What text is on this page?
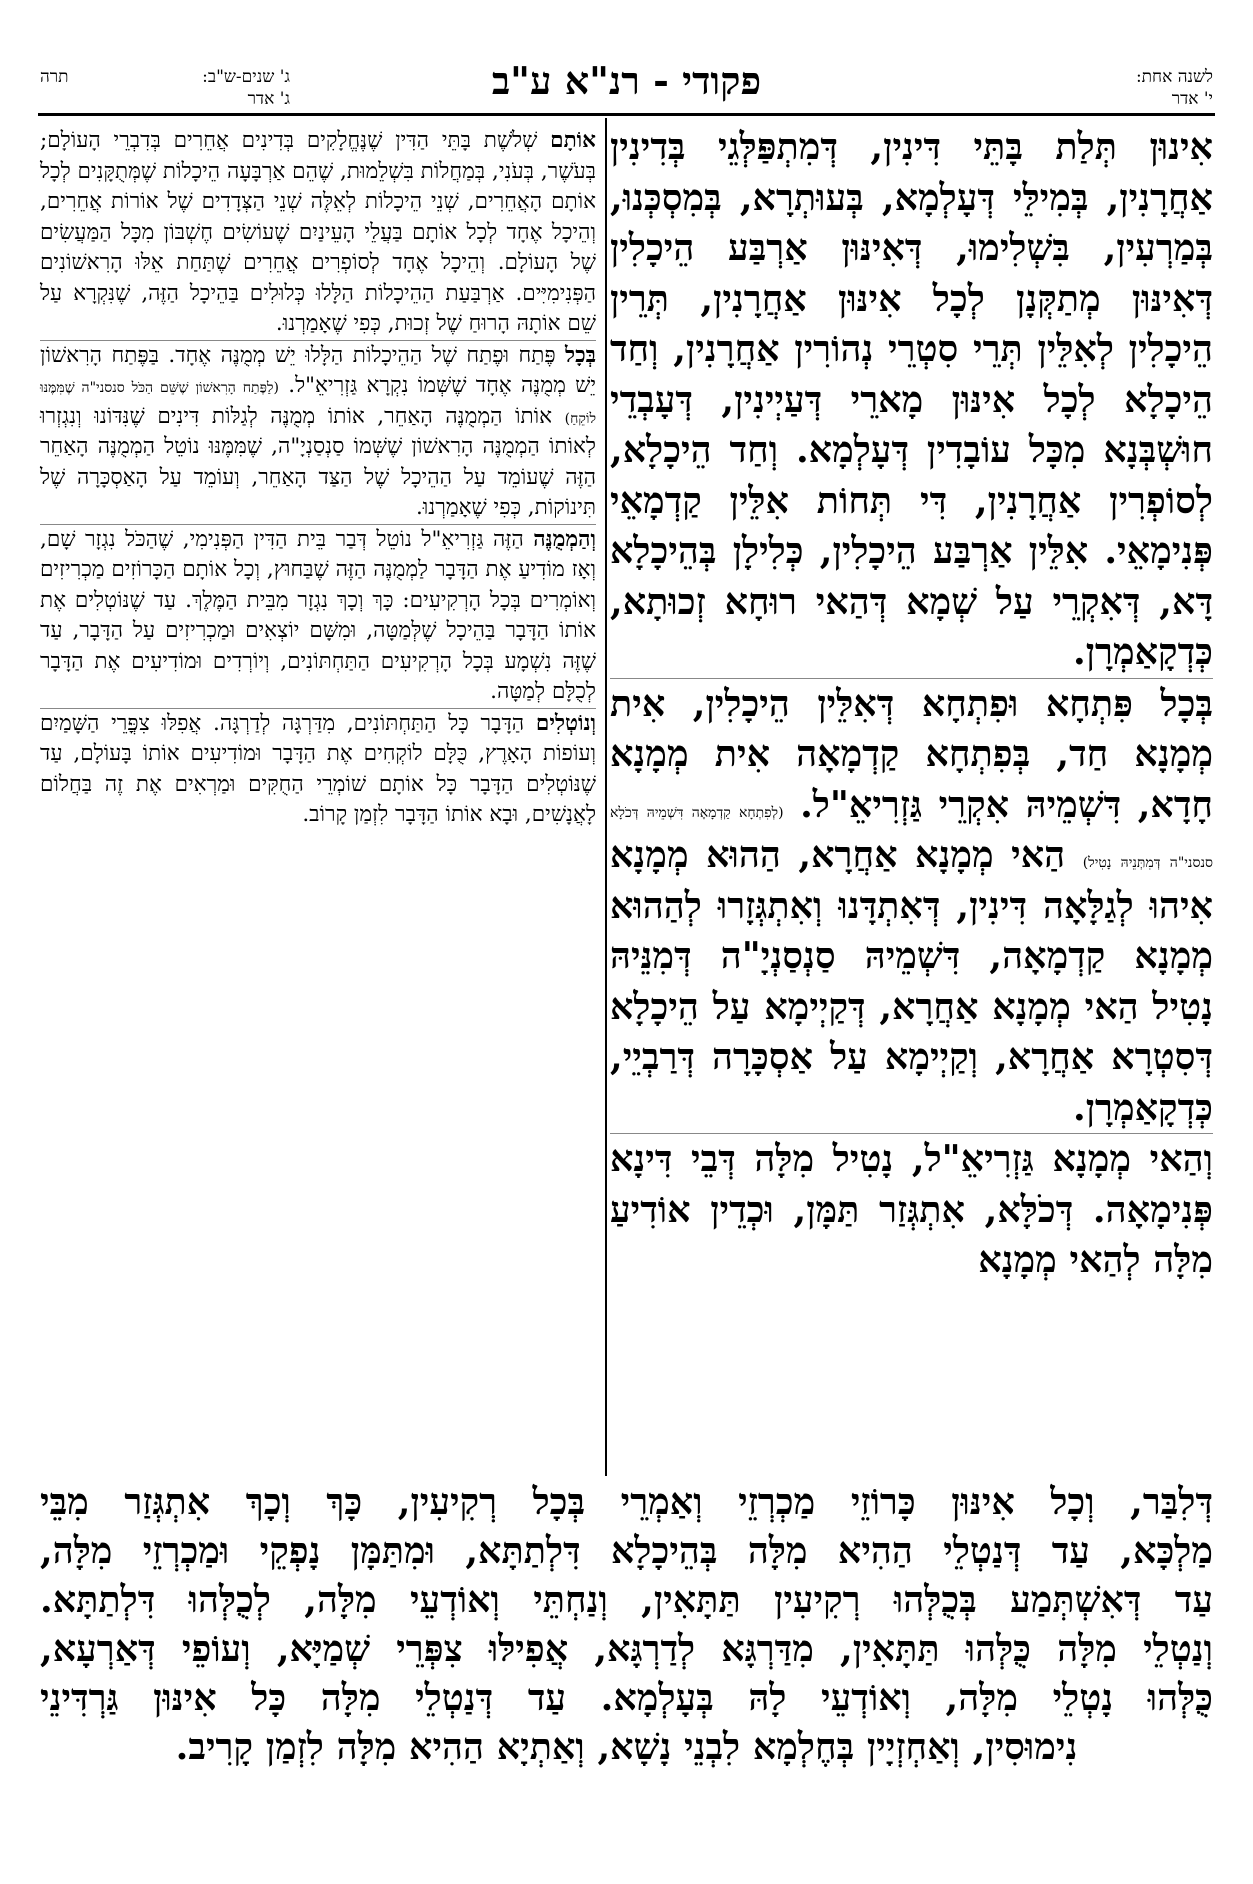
לשנה אחת:
י' אדר
פקודי - רנ"א ע"ב
ג' שנים-ש"ב:
תרה
ג' אדר

אִינוּן תְּלַת בָּתֵּי דִּינִין, דְּמִתְפַּלְּגֵי בְּדִינִין אַחֲרָנִין, בְּמִילֵּי דְּעָלְמָא, בְּעוּתְרָא, בְּמִסְכְּנוּ, בְּמַרְעִין, בִּשְׁלִימוּ, דְּאִינּוּן אַרְבַּע הֵיכָלִין דְּאִינּוּן מְתַקְּנָן לְכָל אִינּוּן אַחֲרָנִין, תְּרֵין הֵיכָלִין לְאִלֵּין תְּרֵי סִטְרֵי נְהוֹרִין אַחֲרָנִין, וְחַד הֵיכָלָא לְכָל אִינּוּן מָארֵי דְּעַיְינִין, דְּעָבְדֵי חוּשְׁבְּנָא מִכָּל עוֹבָדִין דְּעָלְמָא. וְחַד הֵיכָלָא, לְסוֹפְרִין אַחֲרָנִין, דִּי תְּחוֹת אִלֵּין קַדְמָאֵי פְּנִימָאֵי. אִלֵּין אַרְבַּע הֵיכָלִין, כְּלִילָן בְּהֵיכָלָא דָּא, דְּאִקְרֵי עַל שְׁמָא דְּהַאי רוּחָא זְכוּתָא, כְּדְקָאַמְרָן.

בְּכָל פִּתְחָא וּפִתְחָא דְּאִלֵּין הֵיכָלִין, אִית מְמָנָא חַד, בְּפִתְחָא קַדְמָאָה אִית מְמָנָא חָדָא, דִּשְׁמֵיהּ אִקְרֵי גַּזְרִיאֵ"ל. (לְפִתְחָא קַדְמָאָה דִּשְׁמֵיהּ דְּכֹלָא סנסני"ה דְּמִתְּנֵיהּ נָטִיל) הַאי מְמָנָא אַחֲרָא, הַהוּא מְמָנָא אִיהוּ לְגַלָּאָה דִּינִין, דְּאִתְדָּנוּ וְאִתְגְּזָרוּ לְהַהוּא מְמָנָא קַדְמָאָה, דִּשְׁמֵיהּ סַנְסַנְיָ"ה דְּמִנֵּיהּ נָטִיל הַאי מְמָנָא אַחֲרָא, דְּקַיְימָא עַל הֵיכָלָא דְּסִטְרָא אַחֲרָא, וְקַיְימָא עַל אַסְכָּרָה דְּרַבְיֵי, כְּדְקָאַמְרָן.

וְהַאי מְמָנָא גַּזְרִיאֵ"ל, נָטִיל מִלָּה דְּבֵי דִּינָא פְּנִימָאָה. דְּכֹלָּא, אִתְגְּזַר תַּמָּן, וּכְדֵין אוֹדִיעַ מִלָּה לְהַאי מְמָנָא

אוֹתָם שְׁלֹשֶׁת בָּתֵּי הַדִּין שֶׁנֶּחֱלָקִים בְּדִינִים אֲחֵרִים בְּדִבְרֵי הָעוֹלָם; בְּעֹשֶׁר, בְּעֹנִי, בְּמַחֲלוֹת בִּשְׁלֵמוּת, שֶׁהֵם אַרְבָּעָה הֵיכָלוֹת שֶׁמְּתֻקָּנִים לְכָל אוֹתָם הָאֲחֵרִים, שְׁנֵי הֵיכָלוֹת לְאֵלֶּה שְׁנֵי הַצְּדָדִים שֶׁל אוֹרוֹת אֲחֵרִים, וְהֵיכָל אֶחָד לְכָל אוֹתָם בַּעֲלֵי הָעֵינַיִם שֶׁעוֹשִׂים חֶשְׁבּוֹן מִכָּל הַמַּעֲשִׂים שֶׁל הָעוֹלָם. וְהֵיכָל אֶחָד לְסוֹפְרִים אֲחֵרִים שֶׁתַּחַת אֵלּוּ הָרִאשׁוֹנִים הַפְּנִימִיִּים. אַרְבַּעַת הַהֵיכָלוֹת הַלָּלוּ כְּלוּלִים בַּהֵיכָל הַזֶּה, שֶׁנִּקְרָא עַל שֵׁם אוֹתָהּ הָרוּחַ שֶׁל זְכוּת, כְּפִי שֶׁאָמַרְנוּ.

בְּכָל פֶּתַח וּפֶתַח שֶׁל הַהֵיכָלוֹת הַלָּלוּ יֵשׁ מְמֻנֶּה אֶחָד. בַּפֶּתַח הָרִאשׁוֹן יֵשׁ מְמֻנֶּה אֶחָד שֶׁשְּׁמוֹ נִקְרָא גַּזְרִיאֵ"ל. (לַפֶּתַח הָרִאשׁוֹן שֶׁשֵּׁם הַכֹּל סנסני"ה שֶׁמִּמֶּנּוּ לוֹקֵחַ) אוֹתוֹ הַמְמֻנֶּה הָאַחֵר, אוֹתוֹ מְמֻנֶּה לְגַלּוֹת דִּינִים שֶׁנִּדּוֹנוּ וְנִגְזְרוּ לְאוֹתוֹ הַמְמֻנֶּה הָרִאשׁוֹן שֶׁשְּׁמוֹ סַנְסַנְיָ"ה, שֶׁמִּמֶּנּוּ נוֹטֵל הַמְמֻנֶּה הָאַחֵר הַזֶּה שֶׁעוֹמֵד עַל הַהֵיכָל שֶׁל הַצַּד הָאַחֵר, וְעוֹמֵד עַל הָאַסְכָּרָה שֶׁל תִּינוֹקוֹת, כְּפִי שֶׁאָמַרְנוּ.

וְהַמְמֻנֶּה הַזֶּה גַּזְרִיאֵ"ל נוֹטֵל דְּבַר בֵּית הַדִּין הַפְּנִימִי, שֶׁהַכֹּל נִגְזָר שָׁם, וְאָז מוֹדִיעַ אֶת הַדָּבָר לַמְמֻנֶּה הַזֶּה שֶׁבַּחוּץ, וְכָל אוֹתָם הַכָּרוֹזִים מַכְרִיזִים וְאוֹמְרִים בְּכָל הָרְקִיעִים: כָּךְ וְכָךְ נִגְזָר מִבֵּית הַמֶּלֶךְ. עַד שֶׁנּוֹטְלִים אֶת אוֹתוֹ הַדָּבָר בַּהֵיכָל שֶׁלְּמַטָּה, וּמִשָּׁם יוֹצְאִים וּמַכְרִיזִים עַל הַדָּבָר, עַד שֶׁזֶּה נִשְׁמָע בְּכָל הָרְקִיעִים הַתַּחְתּוֹנִים, וְיוֹרְדִים וּמוֹדִיעִים אֶת הַדָּבָר לְכֻלָּם לְמַטָּה.

וְנוֹטְלִים הַדָּבָר כָּל הַתַּחְתּוֹנִים, מִדַּרְגָּה לְדַרְגָּה. אֲפִלּוּ צִפֳּרֵי הַשָּׁמַיִם וְעוֹפוֹת הָאָרֶץ, כֻּלָּם לוֹקְחִים אֶת הַדָּבָר וּמוֹדִיעִים אוֹתוֹ בָּעוֹלָם, עַד שֶׁנּוֹטְלִים הַדָּבָר כָּל אוֹתָם שׁוֹמְרֵי הַחֻקִּים וּמַרְאִים אֶת זֶה בַּחֲלוֹם לָאֲנָשִׁים, וּבָא אוֹתוֹ הַדָּבָר לִזְמַן קָרוֹב.

דְּלִבַּר, וְכָל אִינּוּן כָּרוֹזֵי מַכְרְזֵי וְאַמְרֵי בְּכָל רְקִיעִין, כָּךְ וְכָךְ אִתְגְּזַר מִבֵּי
מַלְכָּא, עַד דְּנַטְלֵי הַהִיא מִלָּה בְּהֵיכָלָא דִּלְתַתָּא, וּמִתַּמָּן נָפְקֵי וּמַכְרְזֵי מִלָּה,
עַד דְּאִשְׁתְּמַע בְּכֻלְּהוּ רְקִיעִין תַּתָּאִין, וְנַחְתֵּי וְאוֹדְעֵי מִלָּה, לְכֻלְּהוּ דִּלְתַתָּא.
וְנַטְלֵי מִלָּה כֻּלְּהוּ תַּתָּאִין, מִדַּרְגָּא לְדַרְגָּא, אֲפִילּוּ צִפְּרֵי שְׁמַיָּא, וְעוֹפֵי דְּאַרְעָא,
כֻּלְּהוּ נָטְלֵי מִלָּה, וְאוֹדְעֵי לָהּ בְּעָלְמָא. עַד דְּנַטְלֵי מִלָּה כָּל אִינּוּן גַּרְדִּינֵי
נִימוּסִין, וְאַחְזְיָין בְּחֶלְמָא לִבְנֵי נָשָׁא, וְאַתְיָא הַהִיא מִלָּה לִזְמַן קָרִיב.
